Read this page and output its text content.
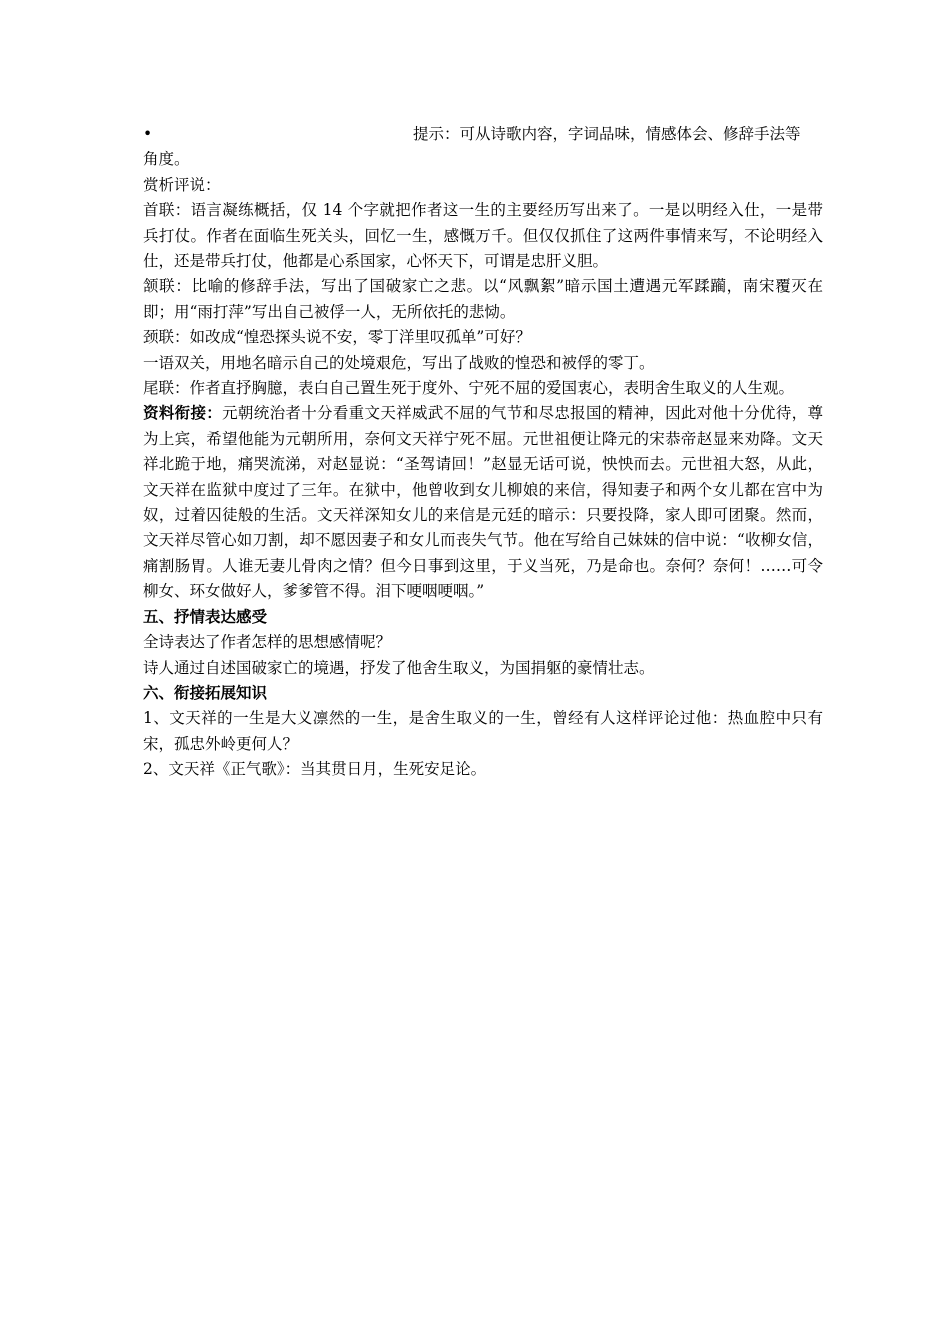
•	提示：可从诗歌内容，字词品味，情感体会、修辞手法等

角度。

赏析评说：

首联：语言凝练概括，仅 14 个字就把作者这一生的主要经历写出来了。一是以明经入仕，一是带兵打仗。作者在面临生死关头，回忆一生，感慨万千。但仅仅抓住了这两件事情来写，不论明经入仕，还是带兵打仗，他都是心系国家，心怀天下，可谓是忠肝义胆。

颔联：比喻的修辞手法，写出了国破家亡之悲。以“风飘絮”暗示国土遭遇元军蹂躏，南宋覆灭在即；用“雨打萍”写出自己被俘一人，无所依托的悲恸。

颈联：如改成“惶恐探头说不安，零丁洋里叹孤单”可好？

一语双关，用地名暗示自己的处境艰危，写出了战败的惶恐和被俘的零丁。

尾联：作者直抒胸臆，表白自己置生死于度外、宁死不屈的爱国衷心，表明舍生取义的人生观。

资料衔接：元朝统治者十分看重文天祥威武不屈的气节和尽忠报国的精神，因此对他十分优待，尊为上宾，希望他能为元朝所用，奈何文天祥宁死不屈。元世祖便让降元的宋恭帝赵显来劝降。文天祥北跪于地，痛哭流涕，对赵显说：“圣驾请回！”赵显无话可说，怏怏而去。元世祖大怒，从此，文天祥在监狱中度过了三年。在狱中，他曾收到女儿柳娘的来信，得知妻子和两个女儿都在宫中为奴，过着囚徒般的生活。文天祥深知女儿的来信是元廷的暗示：只要投降，家人即可团聚。然而，文天祥尽管心如刀割，却不愿因妻子和女儿而丧失气节。他在写给自己妹妹的信中说：“收柳女信，痛割肠胃。人谁无妻儿骨肉之情？但今日事到这里，于义当死，乃是命也。奈何？奈何！……可令柳女、环女做好人，爹爹管不得。泪下哽咽哽咽。”

五、抒情表达感受

全诗表达了作者怎样的思想感情呢？

诗人通过自述国破家亡的境遇，抒发了他舍生取义，为国捐躯的豪情壮志。

六、衔接拓展知识

1、文天祥的一生是大义凛然的一生，是舍生取义的一生，曾经有人这样评论过他：热血腔中只有宋，孤忠外岭更何人？

2、文天祥《正气歌》：当其贯日月，生死安足论。
